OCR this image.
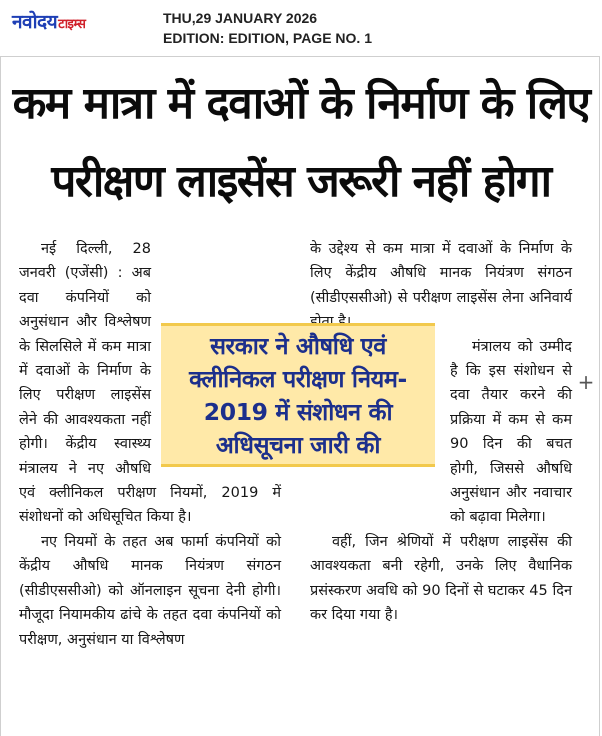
नवोदयटाइम्स	THU,29 JANUARY 2026
EDITION: EDITION, PAGE NO. 1
कम मात्रा में दवाओं के निर्माण के लिए
परीक्षण लाइसेंस जरूरी नहीं होगा

नई दिल्ली, 28 जनवरी (एजेंसी) : अब दवा कंपनियों को अनुसंधान और विश्लेषण के सिलसिले में कम मात्रा में दवाओं के निर्माण के लिए परीक्षण लाइसेंस लेने की आवश्यकता नहीं होगी। केंद्रीय स्वास्थ्य मंत्रालय ने नए औषधि एवं क्लीनिकल परीक्षण नियमों, 2019 में संशोधनों को अधिसूचित किया है।

नए नियमों के तहत अब फार्मा कंपनियों को केंद्रीय औषधि मानक नियंत्रण संगठन (सीडीएससीओ) को ऑनलाइन सूचना देनी होगी। मौजूदा नियामकीय ढांचे के तहत दवा कंपनियों को परीक्षण, अनुसंधान या विश्लेषण

के उद्देश्य से कम मात्रा में दवाओं के निर्माण के लिए केंद्रीय औषधि मानक नियंत्रण संगठन (सीडीएससीओ) से परीक्षण लाइसेंस लेना अनिवार्य

मंत्रालय को उम्मीद है कि इस संशोधन से दवा तैयार करने की प्रक्रिया में कम से कम 90 दिन की बचत होगी, जिससे औषधि अनुसंधान और नवाचार को बढ़ावा मिलेगा।

वहीं, जिन श्रेणियों में परीक्षण लाइसेंस की आवश्यकता बनी रहेगी, उनके लिए वैधानिक प्रसंस्करण अवधि को 90 दिनों से घटाकर 45 दिन कर दिया गया है।

सरकार ने औषधि एवं क्लीनिकल परीक्षण नियम- 2019 में संशोधन की अधिसूचना जारी की
+
